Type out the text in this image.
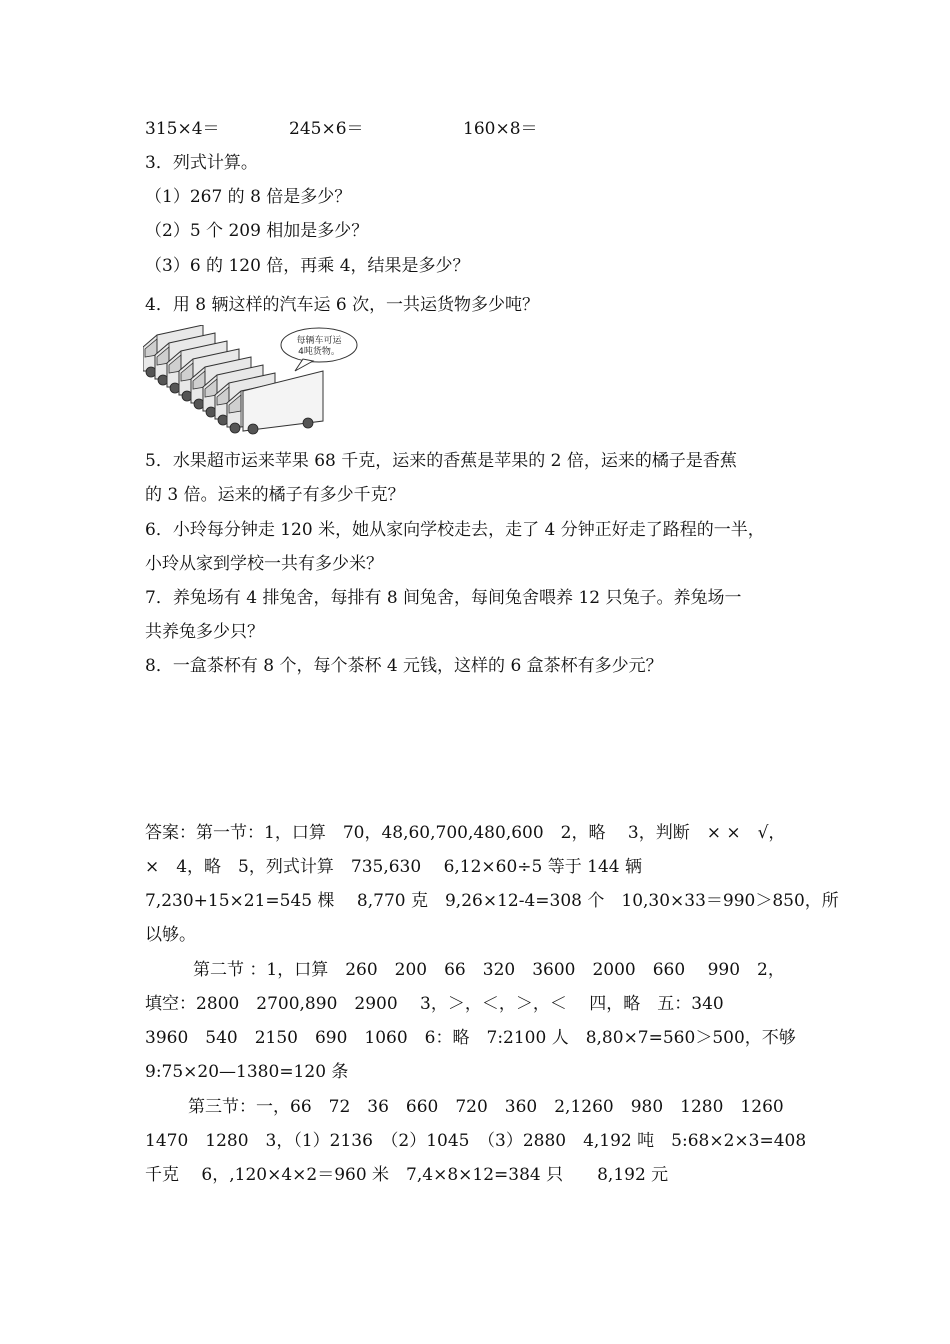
315×4＝	245×6＝	160×8＝
3．列式计算。
（1）267 的 8 倍是多少？
（2）5 个 209 相加是多少？
（3）6 的 120 倍，再乘 4，结果是多少？
4．用 8 辆这样的汽车运 6 次，一共运货物多少吨？
每辆车可运
4吨货物。
5．水果超市运来苹果 68 千克，运来的香蕉是苹果的 2 倍，运来的橘子是香蕉
的 3 倍。运来的橘子有多少千克？
6．小玲每分钟走 120 米，她从家向学校走去，走了 4 分钟正好走了路程的一半，
小玲从家到学校一共有多少米？
7．养兔场有 4 排兔舍，每排有 8 间兔舍，每间兔舍喂养 12 只兔子。养兔场一
共养兔多少只？
8．一盒茶杯有 8 个，每个茶杯 4 元钱，这样的 6 盒茶杯有多少元？
答案：第一节：1，口算　70，48,60,700,480,600　2，略　 3，判断　× ×　√，
×　4，略　5，列式计算　735,630　 6,12×60÷5 等于 144 辆
7,230+15×21=545 棵　 8,770 克　9,26×12-4=308 个　10,30×33＝990＞850，所
以够。
第二节 ：1，口算　260　200　66　320　3600　2000　660　 990　2，
填空：2800　2700,890　2900　 3，＞，＜，＞，＜　 四，略　五：340
3960　540　2150　690　1060　6：略　7:2100 人　8,80×7=560＞500，不够
9:75×20—1380=120 条
第三节：一，66　72　36　660　720　360　2,1260　980　1280　1260
1470　1280　3，（1）2136　（2）1045　（3）2880　4,192 吨　5:68×2×3=408
千克　 6，,120×4×2＝960 米　7,4×8×12=384 只　　8,192 元
